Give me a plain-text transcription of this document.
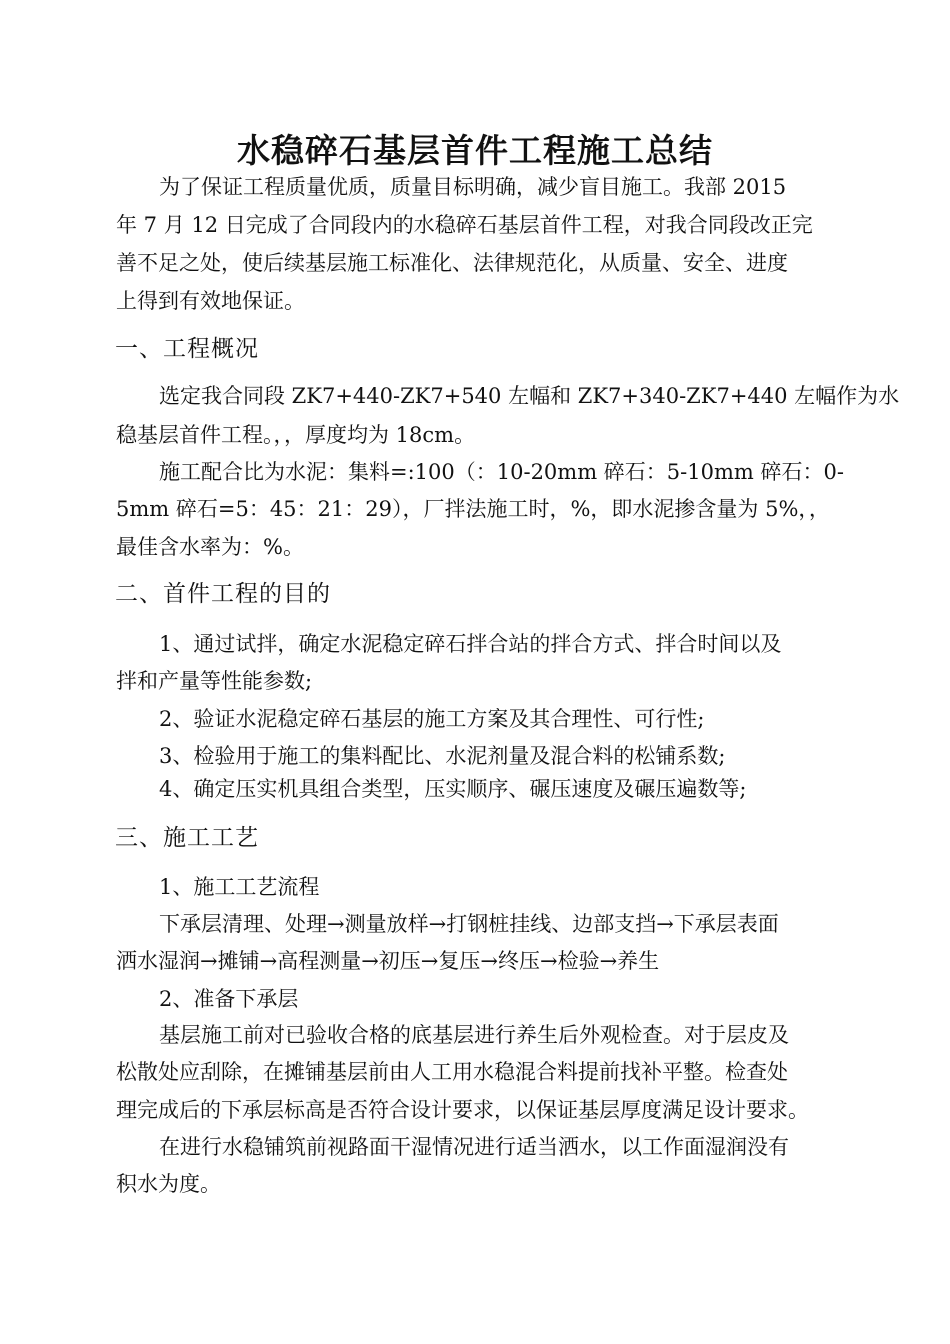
水稳碎石基层首件工程施工总结
为了保证工程质量优质，质量目标明确，减少盲目施工。我部 2015
年 7 月 12 日完成了合同段内的水稳碎石基层首件工程，对我合同段改正完
善不足之处，使后续基层施工标准化、法律规范化，从质量、安全、进度
上得到有效地保证。
一、工程概况
选定我合同段 ZK7+440-ZK7+540 左幅和 ZK7+340-ZK7+440 左幅作为水
稳基层首件工程。，，厚度均为 18cm。
施工配合比为水泥：集料=:100（：10-20mm 碎石：5-10mm 碎石：0-
5mm 碎石=5：45：21：29），厂拌法施工时，%，即水泥掺含量为 5%，，
最佳含水率为：%。
二、首件工程的目的
1、通过试拌，确定水泥稳定碎石拌合站的拌合方式、拌合时间以及
拌和产量等性能参数;
2、验证水泥稳定碎石基层的施工方案及其合理性、可行性;
3、检验用于施工的集料配比、水泥剂量及混合料的松铺系数;
4、确定压实机具组合类型，压实顺序、碾压速度及碾压遍数等;
三、施工工艺
1、施工工艺流程
下承层清理、处理→测量放样→打钢桩挂线、边部支挡→下承层表面
洒水湿润→摊铺→高程测量→初压→复压→终压→检验→养生
2、准备下承层
基层施工前对已验收合格的底基层进行养生后外观检查。对于层皮及
松散处应刮除，在摊铺基层前由人工用水稳混合料提前找补平整。检查处
理完成后的下承层标高是否符合设计要求，以保证基层厚度满足设计要求。
在进行水稳铺筑前视路面干湿情况进行适当洒水，以工作面湿润没有
积水为度。
